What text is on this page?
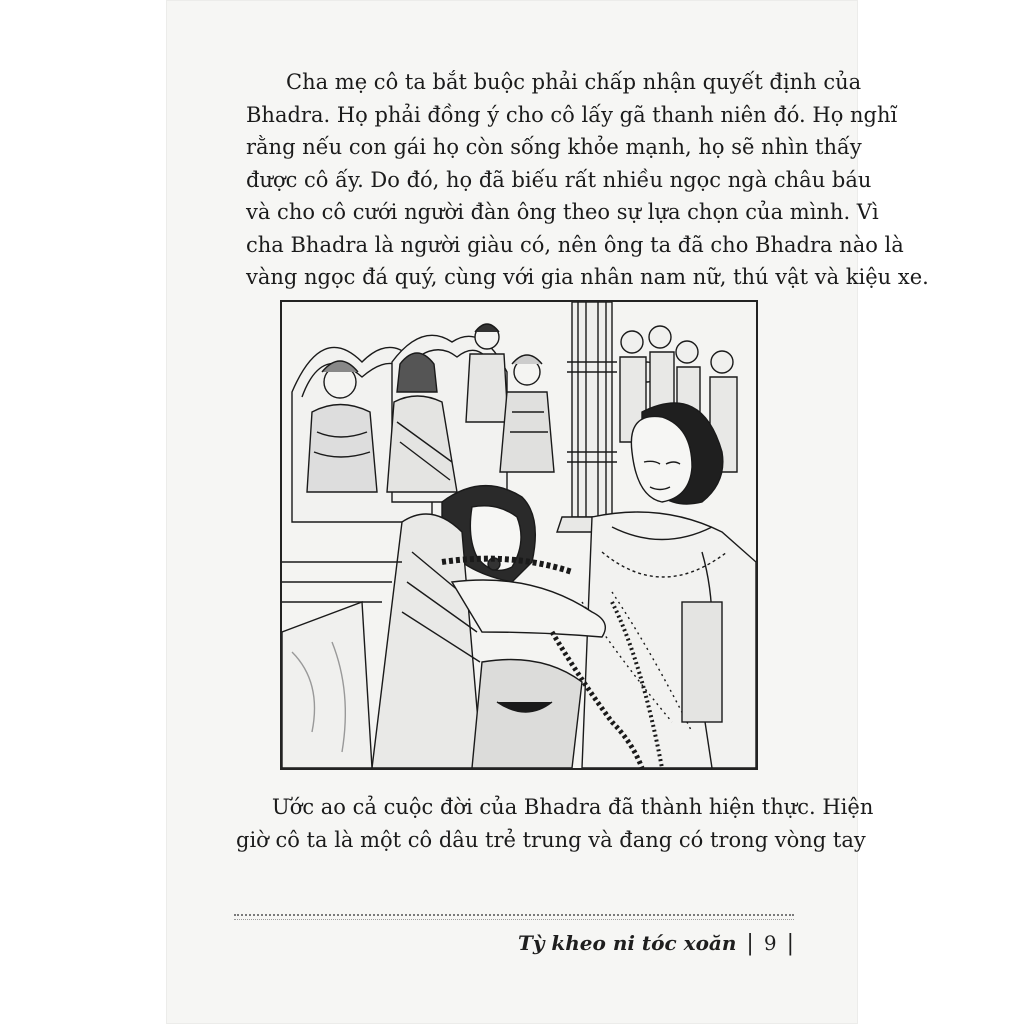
Cha mẹ cô ta bắt buộc phải chấp nhận quyết định của
Bhadra. Họ phải đồng ý cho cô lấy gã thanh niên đó. Họ nghĩ
rằng nếu con gái họ còn sống khỏe mạnh, họ sẽ nhìn thấy
được cô ấy. Do đó, họ đã biếu rất nhiều ngọc ngà châu báu
và cho cô cưới người đàn ông theo sự lựa chọn của mình. Vì
cha Bhadra là người giàu có, nên ông ta đã cho Bhadra nào là
vàng ngọc đá quý, cùng với gia nhân nam nữ, thú vật và kiệu xe.
Ước ao cả cuộc đời của Bhadra đã thành hiện thực. Hiện
giờ cô ta là một cô dâu trẻ trung và đang có trong vòng tay
Tỳ kheo ni tóc xoăn | 9 |
